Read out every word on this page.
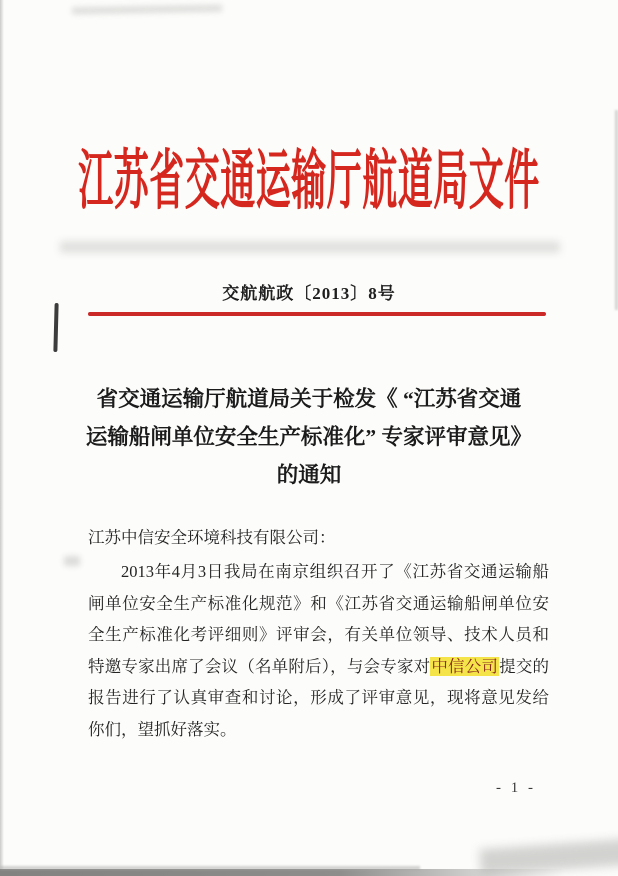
江苏省交通运输厅航道局文件
交航航政〔2013〕8号
省交通运输厅航道局关于检发《 “江苏省交通
运输船闸单位安全生产标准化” 专家评审意见》
的通知
江苏中信安全环境科技有限公司：
2013年4月3日我局在南京组织召开了《江苏省交通运输船闸单位安全生产标准化规范》和《江苏省交通运输船闸单位安全生产标准化考评细则》评审会，有关单位领导、技术人员和特邀专家出席了会议（名单附后），与会专家对中信公司提交的报告进行了认真审查和讨论，形成了评审意见，现将意见发给你们，望抓好落实。
- 1 -
